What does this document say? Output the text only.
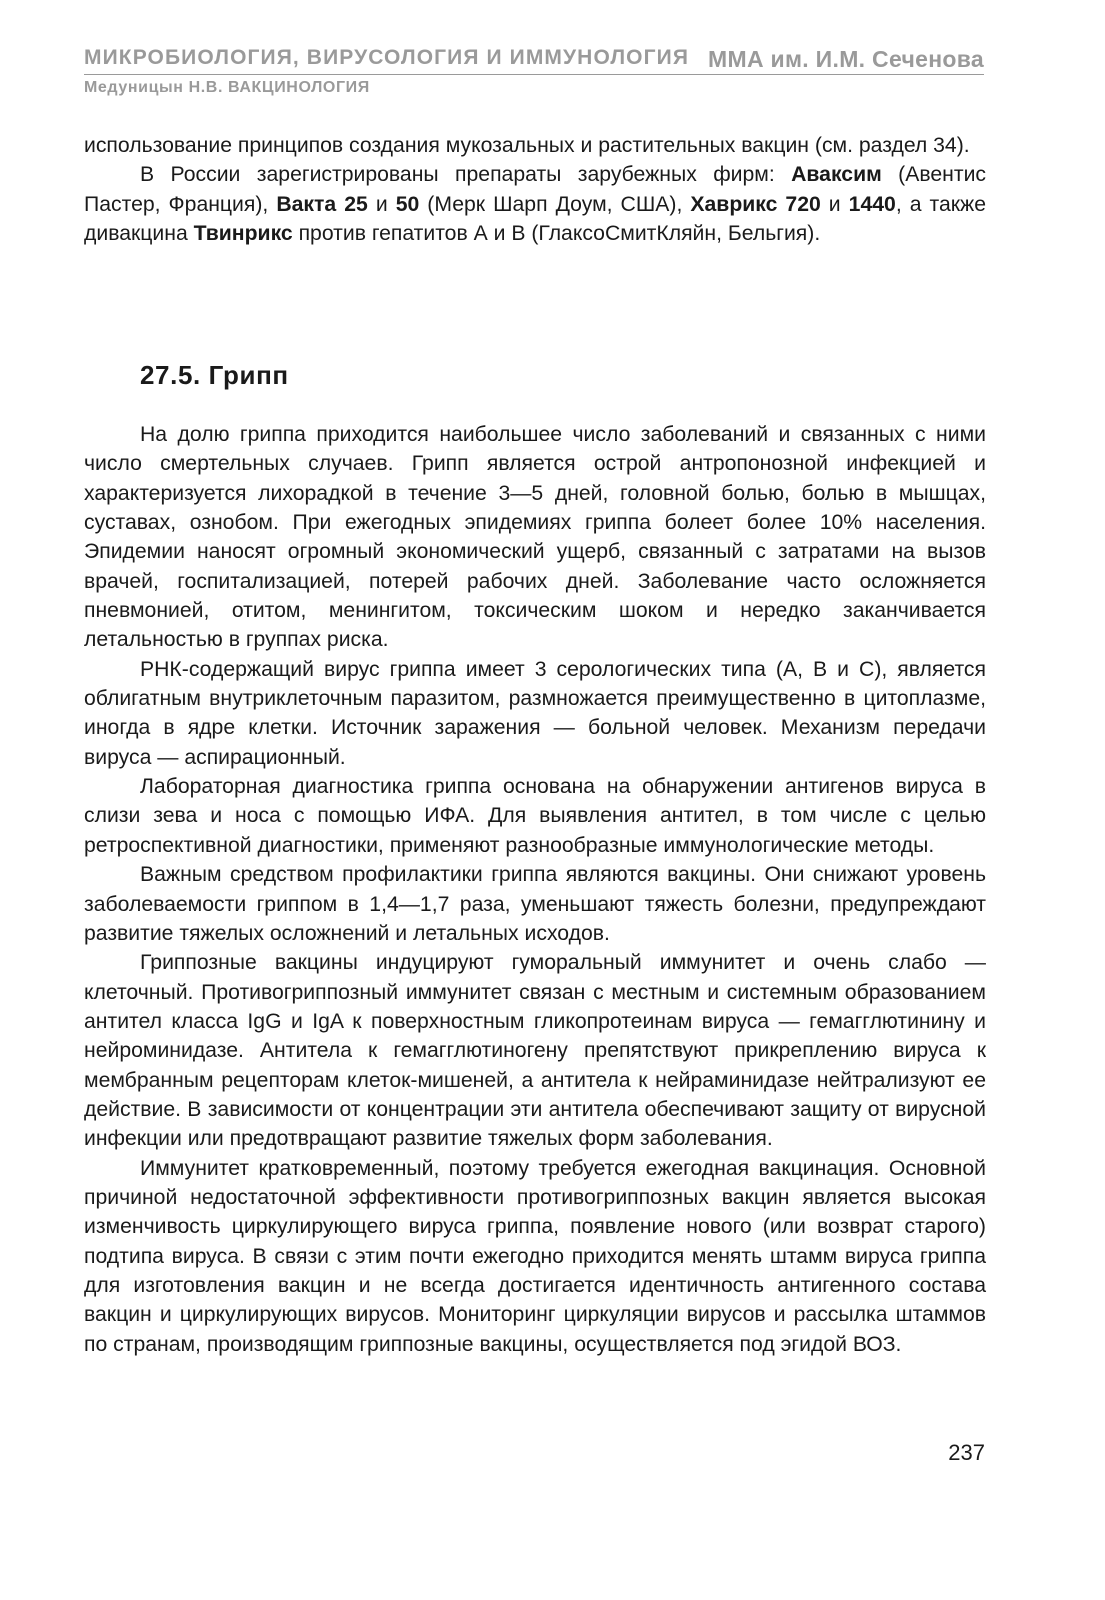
МИКРОБИОЛОГИЯ, ВИРУСОЛОГИЯ И ИММУНОЛОГИЯ ММА им. И.М. Сеченова
Медуницын Н.В. ВАКЦИНОЛОГИЯ

использование принципов создания мукозальных и растительных вакцин (см. раздел 34).

В России зарегистрированы препараты зарубежных фирм: Аваксим (Авентис Пастер, Франция), Вакта 25 и 50 (Мерк Шарп Доум, США), Хаврикс 720 и 1440, а также дивакцина Твинрикс против гепатитов А и В (ГлаксоСмитКляйн, Бельгия).

27.5. Грипп

На долю гриппа приходится наибольшее число заболеваний и связанных с ними число смертельных случаев. Грипп является острой антропонозной инфекцией и характеризуется лихорадкой в течение 3—5 дней, головной болью, болью в мышцах, суставах, ознобом. При ежегодных эпидемиях гриппа болеет более 10% населения. Эпидемии наносят огромный экономический ущерб, связанный с затратами на вызов врачей, госпитализацией, потерей рабочих дней. Заболевание часто осложняется пневмонией, отитом, менингитом, токсическим шоком и нередко заканчивается летальностью в группах риска.

РНК-содержащий вирус гриппа имеет 3 серологических типа (А, В и С), является облигатным внутриклеточным паразитом, размножается преимущественно в цитоплазме, иногда в ядре клетки. Источник заражения — больной человек. Механизм передачи вируса — аспирационный.

Лабораторная диагностика гриппа основана на обнаружении антигенов вируса в слизи зева и носа с помощью ИФА. Для выявления антител, в том числе с целью ретроспективной диагностики, применяют разнообразные иммунологические методы.

Важным средством профилактики гриппа являются вакцины. Они снижают уровень заболеваемости гриппом в 1,4—1,7 раза, уменьшают тяжесть болезни, предупреждают развитие тяжелых осложнений и летальных исходов.

Гриппозные вакцины индуцируют гуморальный иммунитет и очень слабо — клеточный. Противогриппозный иммунитет связан с местным и системным образованием антител класса IgG и IgA к поверхностным гликопротеинам вируса — гемагглютинину и нейроминидазе. Антитела к гемагглютиногену препятствуют прикреплению вируса к мембранным рецепторам клеток-мишеней, а антитела к нейраминидазе нейтрализуют ее действие. В зависимости от концентрации эти антитела обеспечивают защиту от вирусной инфекции или предотвращают развитие тяжелых форм заболевания.

Иммунитет кратковременный, поэтому требуется ежегодная вакцинация. Основной причиной недостаточной эффективности противогриппозных вакцин является высокая изменчивость циркулирующего вируса гриппа, появление нового (или возврат старого) подтипа вируса. В связи с этим почти ежегодно приходится менять штамм вируса гриппа для изготовления вакцин и не всегда достигается идентичность антигенного состава вакцин и циркулирующих вирусов. Мониторинг циркуляции вирусов и рассылка штаммов по странам, производящим гриппозные вакцины, осуществляется под эгидой ВОЗ.

237
